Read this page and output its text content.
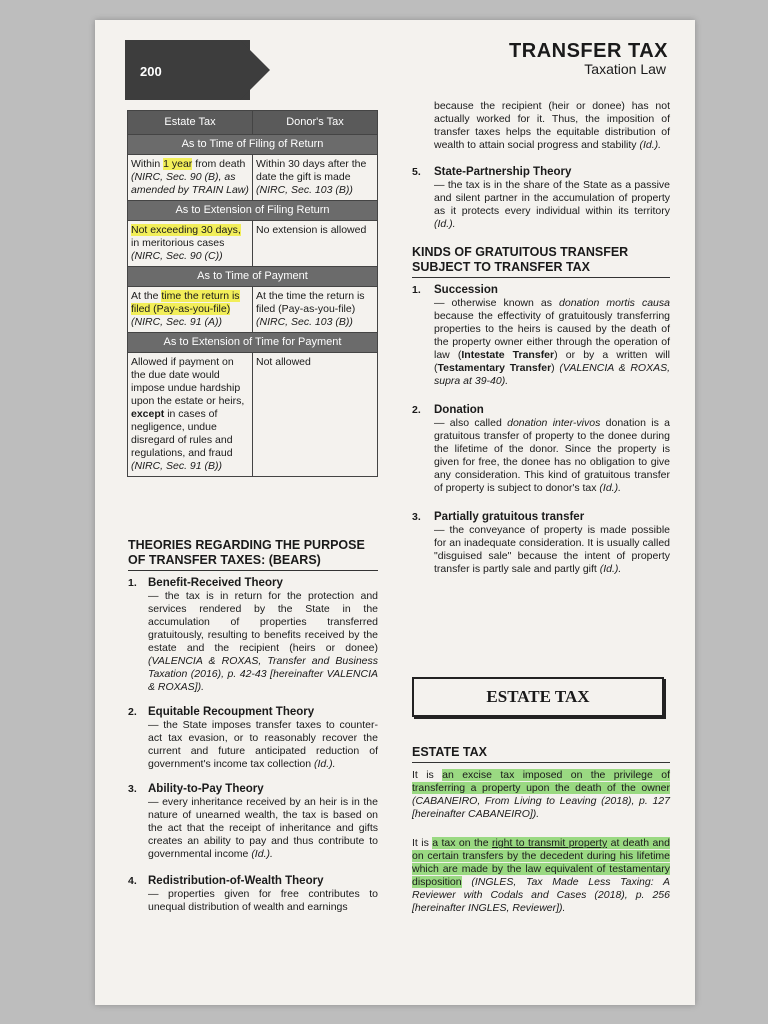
200
TRANSFER TAX
Taxation Law
Estate Tax	Donor's Tax
As to Time of Filing of Return	
Within 1 year from death (NIRC, Sec. 90 (B), as amended by TRAIN Law)	Within 30 days after the date the gift is made (NIRC, Sec. 103 (B))
As to Extension of Filing Return	
Not exceeding 30 days, in meritorious cases (NIRC, Sec. 90 (C))	No extension is allowed
As to Time of Payment	
At the time the return is filed (Pay-as-you-file) (NIRC, Sec. 91 (A))	At the time the return is filed (Pay-as-you-file) (NIRC, Sec. 103 (B))
As to Extension of Time for Payment	
Allowed if payment on the due date would impose undue hardship upon the estate or heirs, except in cases of negligence, undue disregard of rules and regulations, and fraud (NIRC, Sec. 91 (B))	Not allowed
THEORIES REGARDING THE PURPOSE OF TRANSFER TAXES: (BEARS)
1. Benefit-Received Theory
— the tax is in return for the protection and services rendered by the State in the accumulation of properties transferred gratuitously, resulting to benefits received by the estate and the recipient (heirs or donee) (VALENCIA & ROXAS, Transfer and Business Taxation (2016), p. 42-43 [hereinafter VALENCIA & ROXAS]).
2. Equitable Recoupment Theory
— the State imposes transfer taxes to counter-act tax evasion, or to reasonably recover the current and future anticipated reduction of government's income tax collection (Id.).
3. Ability-to-Pay Theory
— every inheritance received by an heir is in the nature of unearned wealth, the tax is based on the act that the receipt of inheritance and gifts creates an ability to pay and thus contribute to governmental income (Id.).
4. Redistribution-of-Wealth Theory
— properties given for free contributes to unequal distribution of wealth and earnings
because the recipient (heir or donee) has not actually worked for it. Thus, the imposition of transfer taxes helps the equitable distribution of wealth to attain social progress and stability (Id.).
5. State-Partnership Theory
— the tax is in the share of the State as a passive and silent partner in the accumulation of property as it protects every individual within its territory (Id.).
KINDS OF GRATUITOUS TRANSFER SUBJECT TO TRANSFER TAX
1. Succession
— otherwise known as donation mortis causa because the effectivity of gratuitously transferring properties to the heirs is caused by the death of the property owner either through the operation of law (Intestate Transfer) or by a written will (Testamentary Transfer) (VALENCIA & ROXAS, supra at 39-40).
2. Donation
— also called donation inter-vivos donation is a gratuitous transfer of property to the donee during the lifetime of the donor. Since the property is given for free, the donee has no obligation to give any consideration. This kind of gratuitous transfer of property is subject to donor's tax (Id.).
3. Partially gratuitous transfer
— the conveyance of property is made possible for an inadequate consideration. It is usually called "disguised sale" because the intent of property transfer is partly sale and partly gift (Id.).
ESTATE TAX
ESTATE TAX

It is an excise tax imposed on the privilege of transferring a property upon the death of the owner (CABANEIRO, From Living to Leaving (2018), p. 127 [hereinafter CABANEIRO]).

It is a tax on the right to transmit property at death and on certain transfers by the decedent during his lifetime which are made by the law equivalent of testamentary disposition (INGLES, Tax Made Less Taxing: A Reviewer with Codals and Cases (2018), p. 256 [hereinafter INGLES, Reviewer]).
